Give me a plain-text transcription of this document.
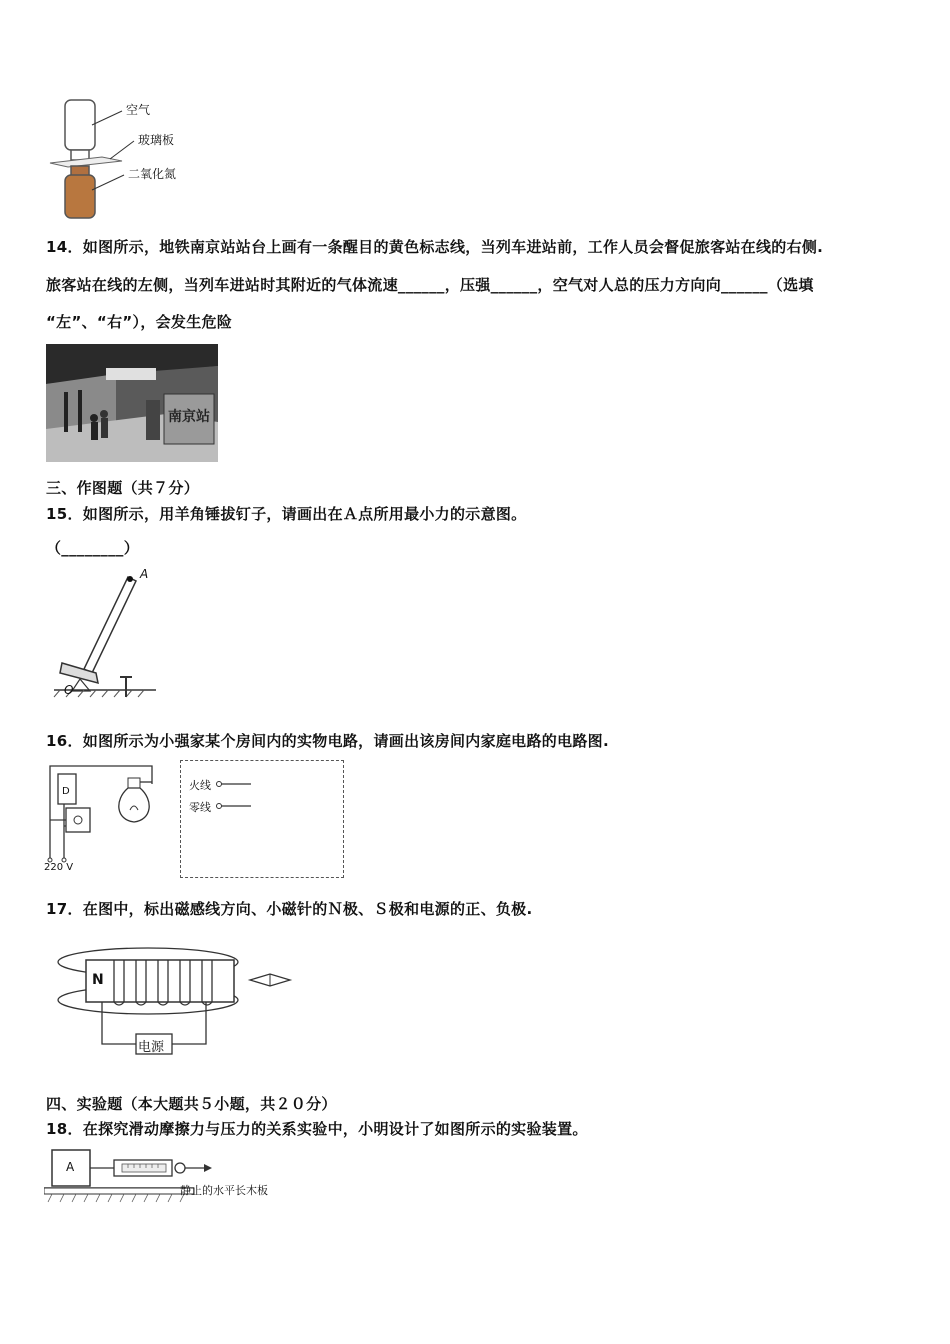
空气
玻璃板
二氧化氮
14．如图所示，地铁南京站站台上画有一条醒目的黄色标志线，当列车进站前，工作人员会督促旅客站在线的右侧.
旅客站在线的左侧，当列车进站时其附近的气体流速______，压强______，空气对人总的压力方向向______（选填
“左”、“右”），会发生危险
南京站
三、作图题（共７分）
15．如图所示，用羊角锤拔钉子，请画出在Ａ点所用最小力的示意图。
（________）
A
O
16．如图所示为小强家某个房间内的实物电路，请画出该房间内家庭电路的电路图.
D
220 V
火线
零线
17．在图中，标出磁感线方向、小磁针的Ｎ极、Ｓ极和电源的正、负极.
N
电源
四、实验题（本大题共５小题，共２０分）
18．在探究滑动摩擦力与压力的关系实验中，小明设计了如图所示的实验装置。
A
静止的水平长木板
